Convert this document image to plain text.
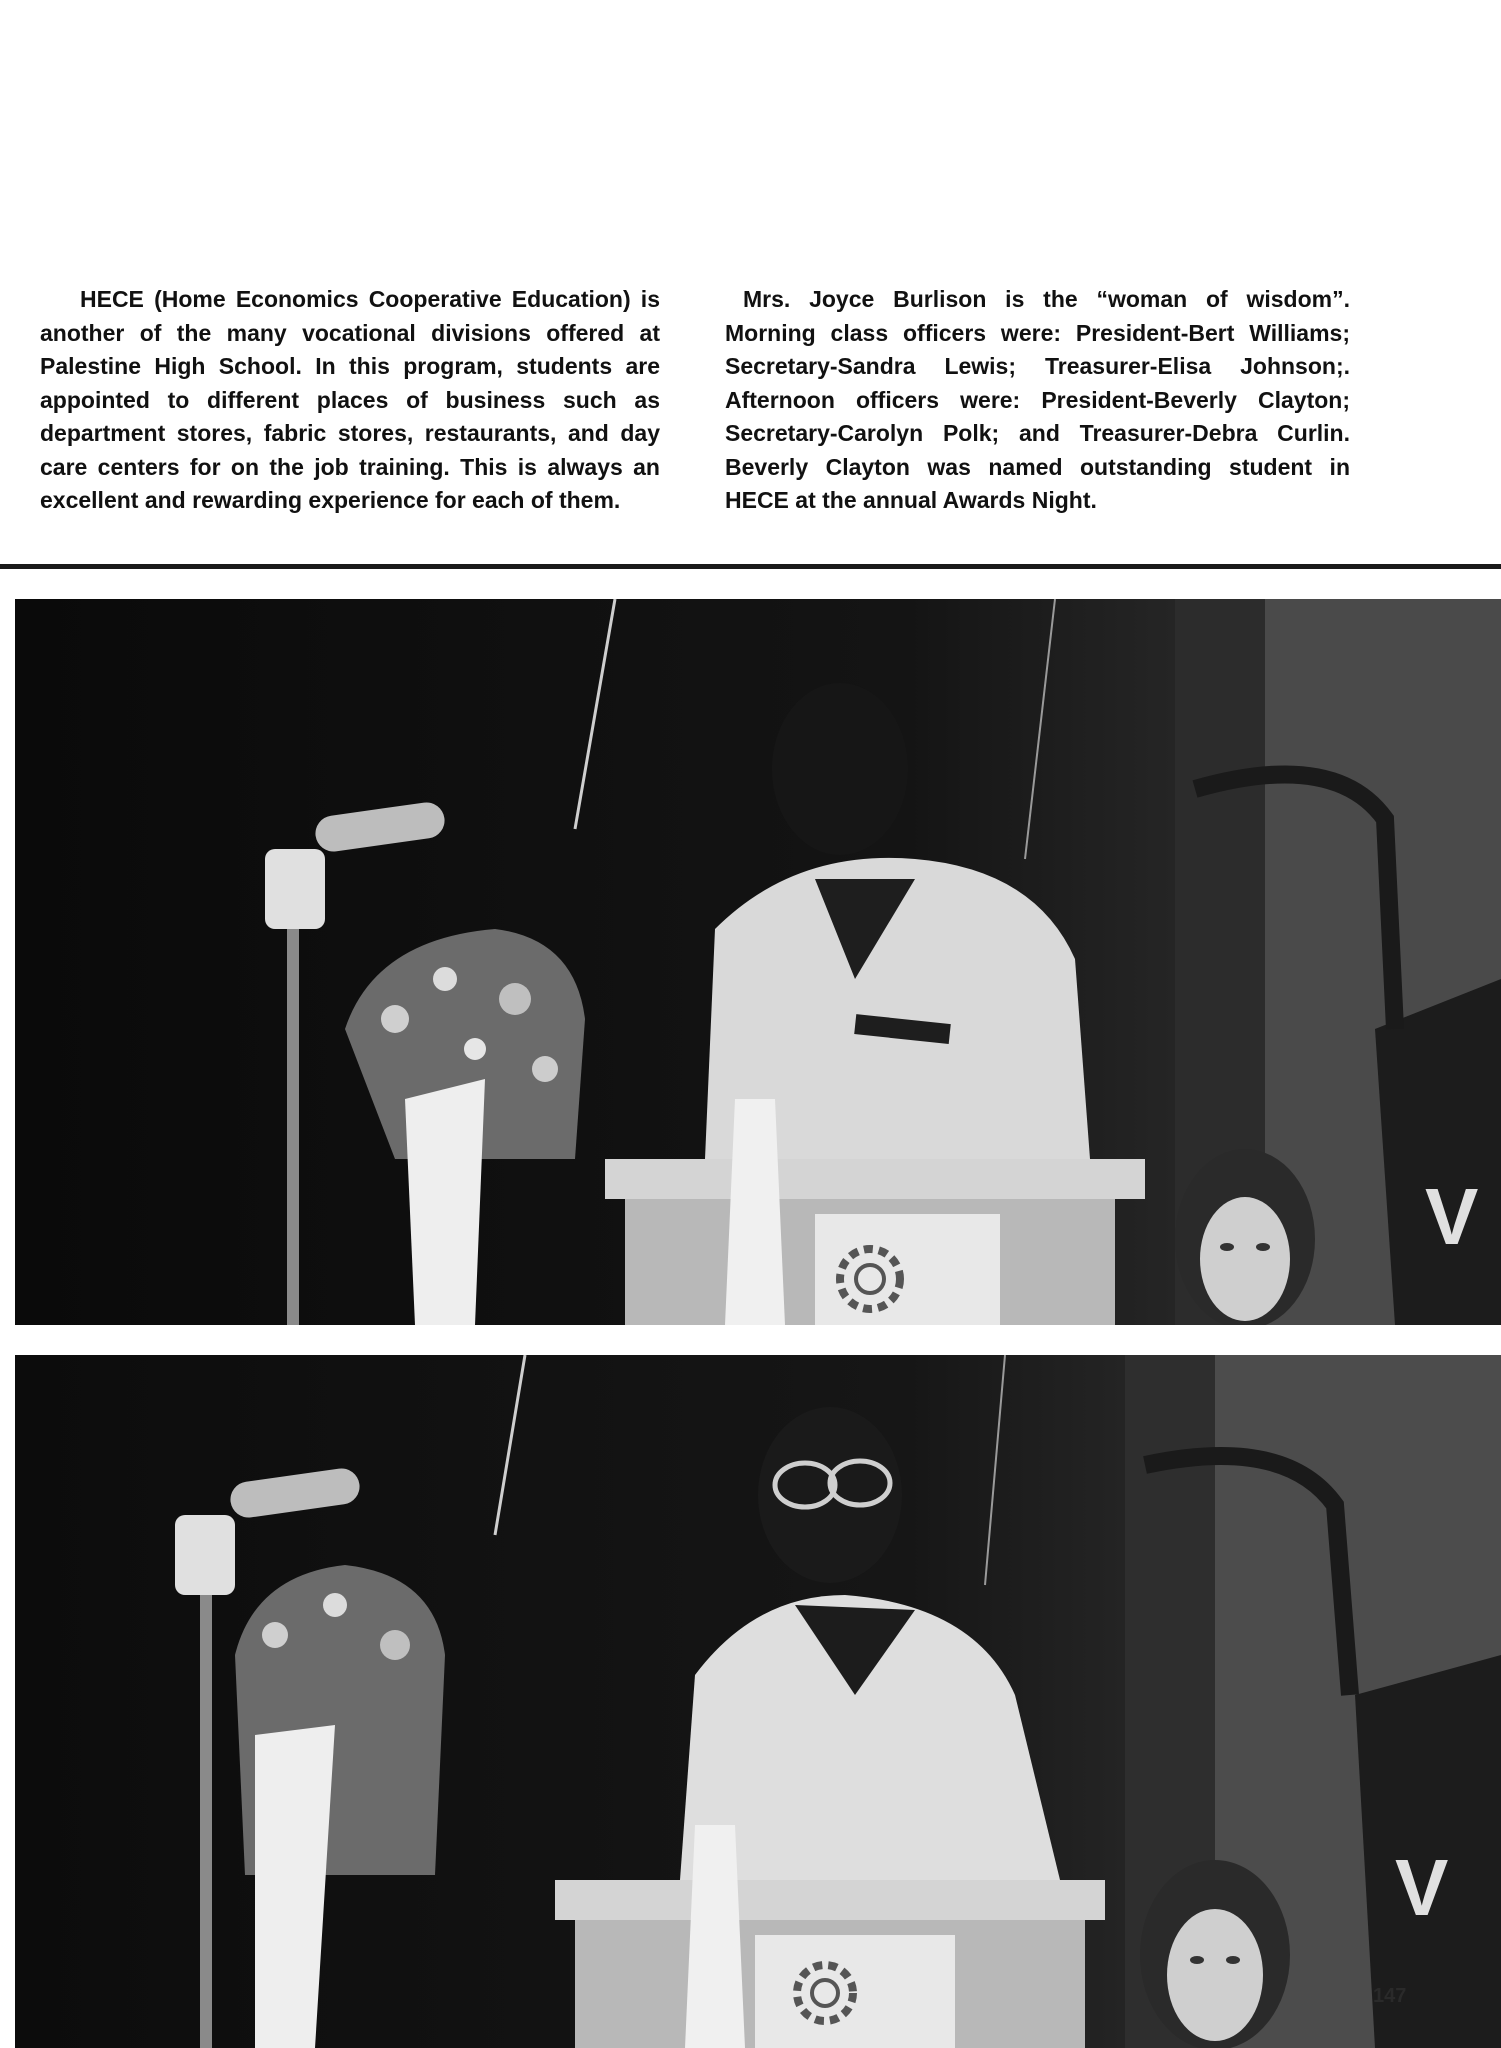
HECE (Home Economics Cooperative Education) is another of the many vocational divisions offered at Palestine High School. In this program, students are appointed to different places of business such as department stores, fabric stores, restaurants, and day care centers for on the job training. This is always an excellent and rewarding experience for each of them.

Mrs. Joyce Burlison is the “woman of wisdom”. Morning class officers were: President-Bert Williams; Secretary-Sandra Lewis; Treasurer-Elisa Johnson;. Afternoon officers were: President-Beverly Clayton; Secretary-Carolyn Polk; and Treasurer-Debra Curlin. Beverly Clayton was named outstanding student in HECE at the annual Awards Night.

V
V
147
